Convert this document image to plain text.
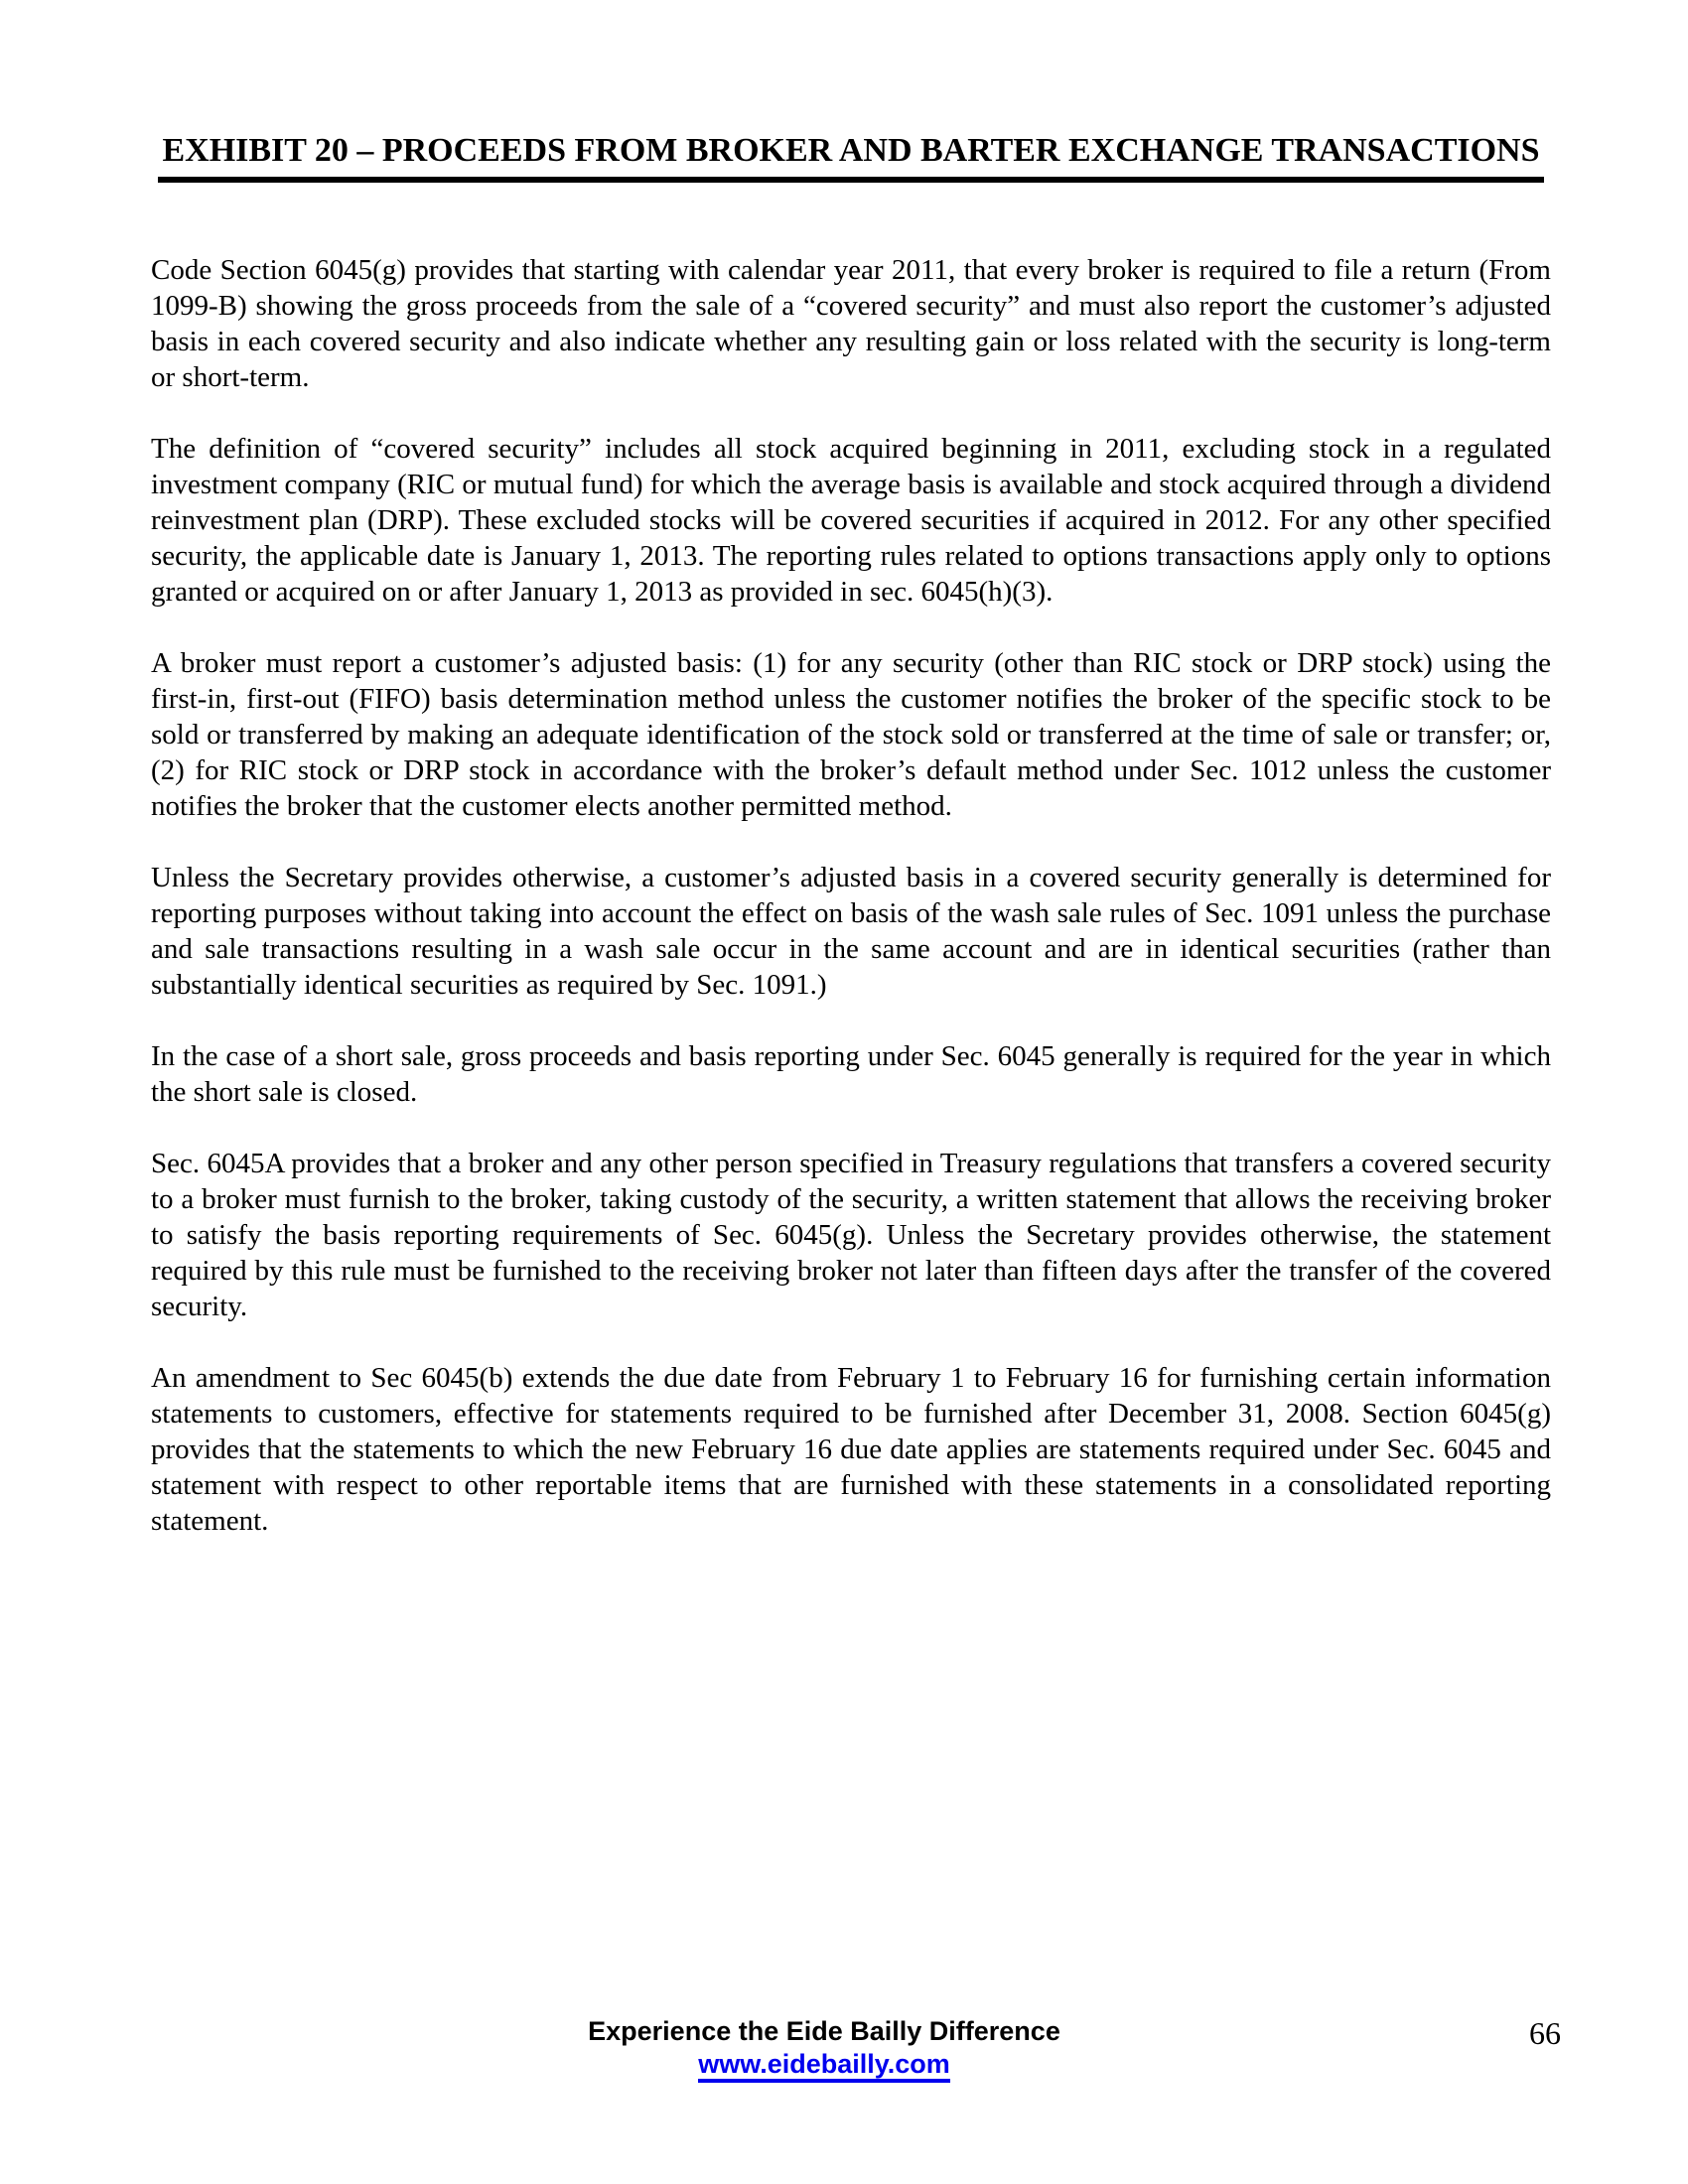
EXHIBIT 20 – PROCEEDS FROM BROKER AND BARTER EXCHANGE TRANSACTIONS

Code Section 6045(g) provides that starting with calendar year 2011, that every broker is required to file a return (From 1099-B) showing the gross proceeds from the sale of a “covered security” and must also report the customer’s adjusted basis in each covered security and also indicate whether any resulting gain or loss related with the security is long-term or short-term.

The definition of “covered security” includes all stock acquired beginning in 2011, excluding stock in a regulated investment company (RIC or mutual fund) for which the average basis is available and stock acquired through a dividend reinvestment plan (DRP). These excluded stocks will be covered securities if acquired in 2012. For any other specified security, the applicable date is January 1, 2013. The reporting rules related to options transactions apply only to options granted or acquired on or after January 1, 2013 as provided in sec. 6045(h)(3).

A broker must report a customer’s adjusted basis: (1) for any security (other than RIC stock or DRP stock) using the first-in, first-out (FIFO) basis determination method unless the customer notifies the broker of the specific stock to be sold or transferred by making an adequate identification of the stock sold or transferred at the time of sale or transfer; or, (2) for RIC stock or DRP stock in accordance with the broker’s default method under Sec. 1012 unless the customer notifies the broker that the customer elects another permitted method.

Unless the Secretary provides otherwise, a customer’s adjusted basis in a covered security generally is determined for reporting purposes without taking into account the effect on basis of the wash sale rules of Sec. 1091 unless the purchase and sale transactions resulting in a wash sale occur in the same account and are in identical securities (rather than substantially identical securities as required by Sec. 1091.)

In the case of a short sale, gross proceeds and basis reporting under Sec. 6045 generally is required for the year in which the short sale is closed.

Sec. 6045A provides that a broker and any other person specified in Treasury regulations that transfers a covered security to a broker must furnish to the broker, taking custody of the security, a written statement that allows the receiving broker to satisfy the basis reporting requirements of Sec. 6045(g). Unless the Secretary provides otherwise, the statement required by this rule must be furnished to the receiving broker not later than fifteen days after the transfer of the covered security.

An amendment to Sec 6045(b) extends the due date from February 1 to February 16 for furnishing certain information statements to customers, effective for statements required to be furnished after December 31, 2008. Section 6045(g) provides that the statements to which the new February 16 due date applies are statements required under Sec. 6045 and statement with respect to other reportable items that are furnished with these statements in a consolidated reporting statement.

Experience the Eide Bailly Difference
www.eidebailly.com
66
